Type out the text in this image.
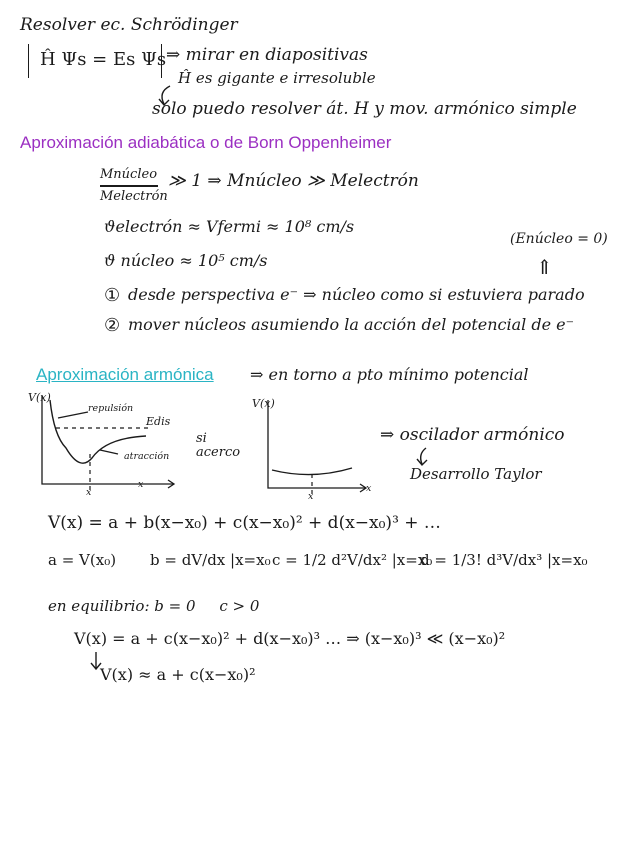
Resolver ec. Schrödinger
Ĥ Ψs = Es Ψs ⇒ mirar en diapositivas
Ĥ es gigante e irresoluble
solo puedo resolver át. H y mov. armónico simple
Aproximación adiabática o de Born Oppenheimer
Mnúcleo
Melectrón
≫ 1 ⇒ Mnúcleo ≫ Melectrón
ϑelectrón ≈ Vfermi ≈ 10⁸ cm/s
(Enúcleo = 0)
⇑
ϑ núcleo ≈ 10⁵ cm/s
① desde perspectiva e⁻ ⇒ núcleo como si estuviera parado
② mover núcleos asumiendo la acción del potencial de e⁻
Aproximación armónica ⇒ en torno a pto mínimo potencial
V(x)
repulsión
Edis
atracción
x
x
si acerco
V(x)
x
x
⇒ oscilador armónico
Desarrollo Taylor
V(x) = a + b(x−x₀) + c(x−x₀)² + d(x−x₀)³ + …
a = V(x₀) b = dV/dx |x=x₀ c = 1/2 d²V/dx² |x=x₀
d = 1/3! d³V/dx³ |x=x₀
en equilibrio: b = 0     c > 0
V(x) = a + c(x−x₀)² + d(x−x₀)³ … ⇒ (x−x₀)³ ≪ (x−x₀)²
V(x) ≈ a + c(x−x₀)²
